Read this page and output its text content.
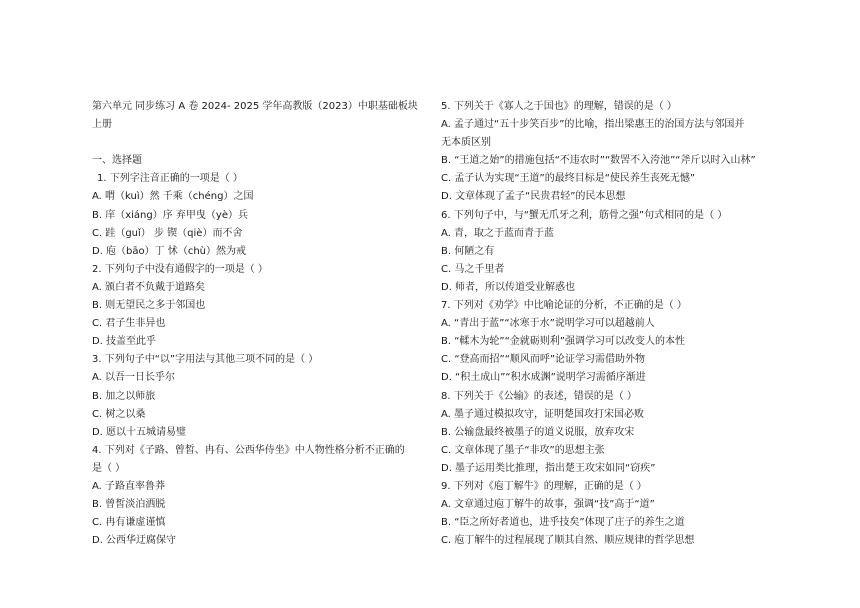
第六单元 同步练习 A 卷 2024- 2025 学年高教版（2023）中职基础板块
上册
一、选择题
1. 下列字注音正确的一项是（ ）
A. 喟（kuì）然 千乘（chéng）之国
B. 庠（xiáng）序 弃甲曳（yè）兵
C. 跬（guǐ） 步 锲（qiè）而不舍
D. 庖（bāo）丁 怵（chù）然为戒
2. 下列句子中没有通假字的一项是（ ）
A. 颁白者不负戴于道路矣
B. 则无望民之多于邻国也
C. 君子生非异也
D. 技盖至此乎
3. 下列句子中“以”字用法与其他三项不同的是（ ）
A. 以吾一日长乎尔
B. 加之以师旅
C. 树之以桑
D. 愿以十五城请易璧
4. 下列对《子路、曾皙、冉有、公西华侍坐》中人物性格分析不正确的
是（ ）
A. 子路直率鲁莽
B. 曾皙淡泊洒脱
C. 冉有谦虚谨慎
D. 公西华迂腐保守
5. 下列关于《寡人之于国也》的理解，错误的是（ ）
A. 孟子通过“五十步笑百步”的比喻，指出梁惠王的治国方法与邻国并
无本质区别
B. “王道之始”的措施包括“不违农时”“数罟不入洿池”“斧斤以时入山林”
C. 孟子认为实现“王道”的最终目标是“使民养生丧死无憾”
D. 文章体现了孟子“民贵君轻”的民本思想
6. 下列句子中，与“蟹无爪牙之利，筋骨之强”句式相同的是（ ）
A. 青，取之于蓝而青于蓝
B. 何陋之有
C. 马之千里者
D. 师者，所以传道受业解惑也
7. 下列对《劝学》中比喻论证的分析，不正确的是（ ）
A. “青出于蓝”“冰寒于水”说明学习可以超越前人
B. “輮木为轮”“金就砺则利”强调学习可以改变人的本性
C. “登高而招”“顺风而呼”论证学习需借助外物
D. “积土成山”“积水成渊”说明学习需循序渐进
8. 下列关于《公输》的表述，错误的是（ ）
A. 墨子通过模拟攻守，证明楚国攻打宋国必败
B. 公输盘最终被墨子的道义说服，放弃攻宋
C. 文章体现了墨子“非攻”的思想主张
D. 墨子运用类比推理，指出楚王攻宋如同“窃疾”
9. 下列对《庖丁解牛》的理解，正确的是（ ）
A. 文章通过庖丁解牛的故事，强调“技”高于“道”
B. “臣之所好者道也，进乎技矣”体现了庄子的养生之道
C. 庖丁解牛的过程展现了顺其自然、顺应规律的哲学思想
